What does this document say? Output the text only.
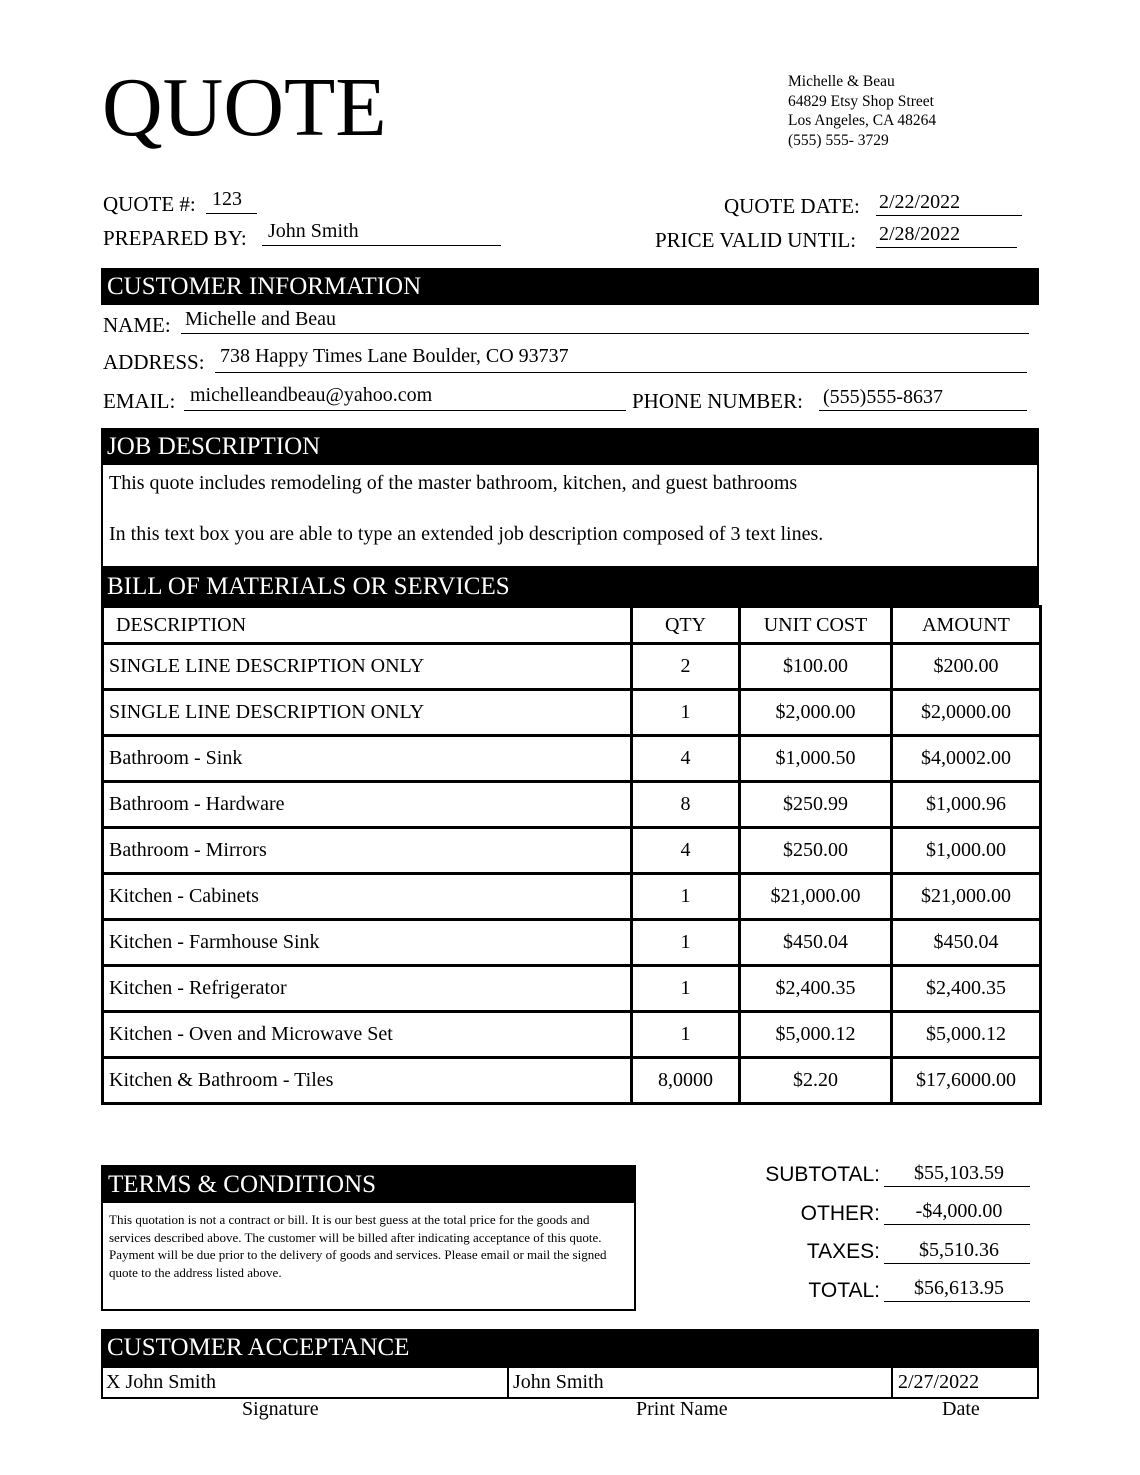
QUOTE	Michelle & Beau
64829 Etsy Shop Street
Los Angeles, CA 48264
(555) 555- 3729
QUOTE #: 123
PREPARED BY: John Smith
QUOTE DATE: 2/22/2022
PRICE VALID UNTIL: 2/28/2022
CUSTOMER INFORMATION
NAME: Michelle and Beau
ADDRESS: 738 Happy Times Lane Boulder, CO 93737
EMAIL: michelleandbeau@yahoo.com	PHONE NUMBER: (555)555-8637
JOB DESCRIPTION
This quote includes remodeling of the master bathroom, kitchen, and guest bathrooms
In this text box you are able to type an extended job description composed of 3 text lines.
BILL OF MATERIALS OR SERVICES
DESCRIPTION	QTY	UNIT COST	AMOUNT
SINGLE LINE DESCRIPTION ONLY	2	$100.00	$200.00
SINGLE LINE DESCRIPTION ONLY	1	$2,000.00	$2,0000.00
Bathroom - Sink	4	$1,000.50	$4,0002.00
Bathroom - Hardware	8	$250.99	$1,000.96
Bathroom - Mirrors	4	$250.00	$1,000.00
Kitchen - Cabinets	1	$21,000.00	$21,000.00
Kitchen - Farmhouse Sink	1	$450.04	$450.04
Kitchen - Refrigerator	1	$2,400.35	$2,400.35
Kitchen - Oven and Microwave Set	1	$5,000.12	$5,000.12
Kitchen & Bathroom - Tiles	8,0000	$2.20	$17,6000.00
TERMS & CONDITIONS
This quotation is not a contract or bill. It is our best guess at the total price for the goods and services described above. The customer will be billed after indicating acceptance of this quote. Payment will be due prior to the delivery of goods and services. Please email or mail the signed quote to the address listed above.
SUBTOTAL:	$55,103.59
OTHER:	-$4,000.00
TAXES:	$5,510.36
TOTAL:	$56,613.95
CUSTOMER ACCEPTANCE
X John Smith	John Smith	2/27/2022
Signature	Print Name	Date
